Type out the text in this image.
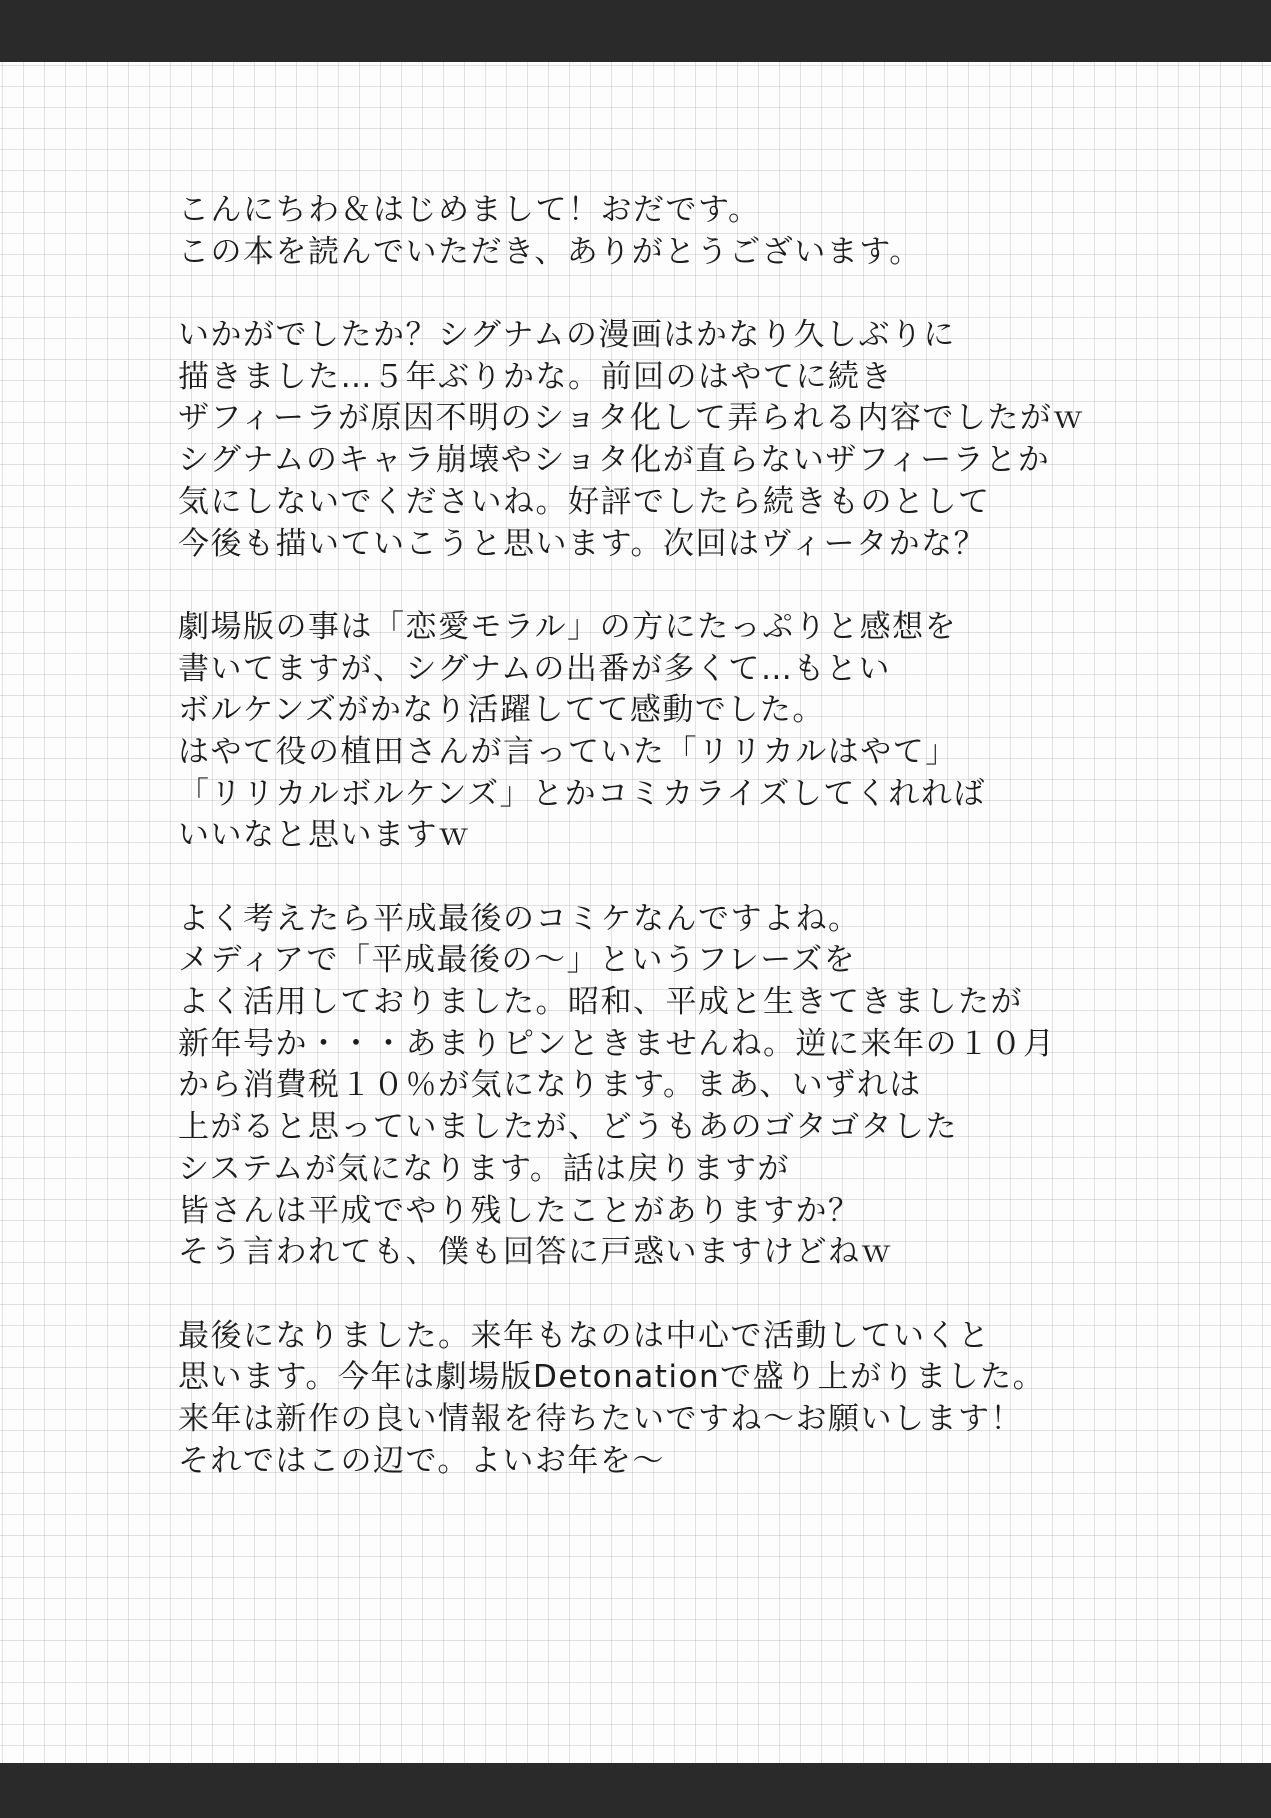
こんにちわ＆はじめまして！おだです。
この本を読んでいただき、ありがとうございます。
いかがでしたか？シグナムの漫画はかなり久しぶりに
描きました…５年ぶりかな。前回のはやてに続き
ザフィーラが原因不明のショタ化して弄られる内容でしたがｗ
シグナムのキャラ崩壊やショタ化が直らないザフィーラとか
気にしないでくださいね。好評でしたら続きものとして
今後も描いていこうと思います。次回はヴィータかな？
劇場版の事は「恋愛モラル」の方にたっぷりと感想を
書いてますが、シグナムの出番が多くて…もとい
ボルケンズがかなり活躍してて感動でした。
はやて役の植田さんが言っていた「リリカルはやて」
「リリカルボルケンズ」とかコミカライズしてくれれば
いいなと思いますｗ
よく考えたら平成最後のコミケなんですよね。
メディアで「平成最後の～」というフレーズを
よく活用しておりました。昭和、平成と生きてきましたが
新年号か・・・あまりピンときませんね。逆に来年の１０月
から消費税１０％が気になります。まあ、いずれは
上がると思っていましたが、どうもあのゴタゴタした
システムが気になります。話は戻りますが
皆さんは平成でやり残したことがありますか？
そう言われても、僕も回答に戸惑いますけどねｗ
最後になりました。来年もなのは中心で活動していくと
思います。今年は劇場版Detonationで盛り上がりました。
来年は新作の良い情報を待ちたいですね～お願いします！
それではこの辺で。よいお年を～
